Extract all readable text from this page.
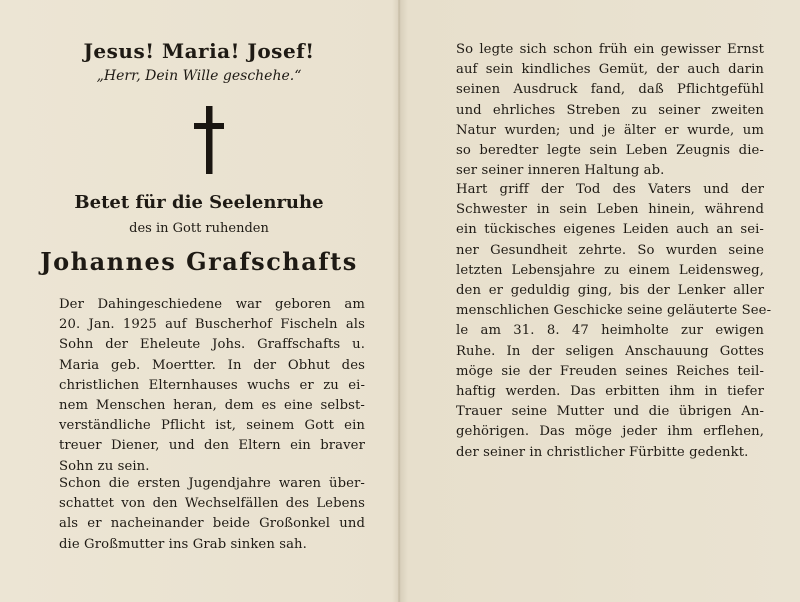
Jesus! Maria! Josef!
„Herr, Dein Wille geschehe.“
Betet für die Seelenruhe
des in Gott ruhenden
Johannes Grafschafts
Der Dahingeschiedene war geboren am
20. Jan. 1925 auf Buscherhof Fischeln als
Sohn der Eheleute Johs. Graffschafts u.
Maria geb. Moertter. In der Obhut des
christlichen Elternhauses wuchs er zu ei-
nem Menschen heran, dem es eine selbst-
verständliche Pflicht ist, seinem Gott ein
treuer Diener, und den Eltern ein braver
Sohn zu sein.
Schon die ersten Jugendjahre waren über-
schattet von den Wechselfällen des Lebens
als er nacheinander beide Großonkel und
die Großmutter ins Grab sinken sah.
So legte sich schon früh ein gewisser Ernst
auf sein kindliches Gemüt, der auch darin
seinen Ausdruck fand, daß Pflichtgefühl
und ehrliches Streben zu seiner zweiten
Natur wurden; und je älter er wurde, um
so beredter legte sein Leben Zeugnis die-
ser seiner inneren Haltung ab.
Hart griff der Tod des Vaters und der
Schwester in sein Leben hinein, während
ein tückisches eigenes Leiden auch an sei-
ner Gesundheit zehrte. So wurden seine
letzten Lebensjahre zu einem Leidensweg,
den er geduldig ging, bis der Lenker aller
menschlichen Geschicke seine geläuterte See-
le am 31. 8. 47 heimholte zur ewigen
Ruhe. In der seligen Anschauung Gottes
möge sie der Freuden seines Reiches teil-
haftig werden. Das erbitten ihm in tiefer
Trauer seine Mutter und die übrigen An-
gehörigen. Das möge jeder ihm erflehen,
der seiner in christlicher Fürbitte gedenkt.
